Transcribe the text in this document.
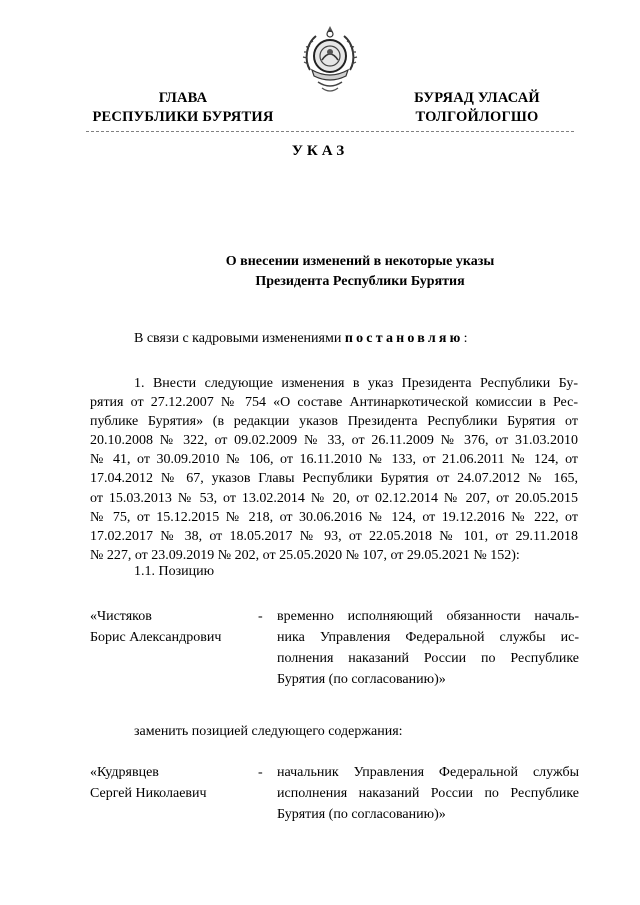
ГЛАВА
РЕСПУБЛИКИ БУРЯТИЯ
БУРЯАД УЛАСАЙ
ТОЛГОЙЛОГШО
УКАЗ
О внесении изменений в некоторые указы
Президента Республики Бурятия
В связи с кадровыми изменениями постановляю:
1. Внести следующие изменения в указ Президента Республики Бу-
рятия от 27.12.2007 № 754 «О составе Антинаркотической комиссии в Рес-
публике Бурятия» (в редакции указов Президента Республики Бурятия от
20.10.2008 № 322, от 09.02.2009 № 33, от 26.11.2009 № 376, от 31.03.2010
№ 41, от 30.09.2010 № 106, от 16.11.2010 № 133, от 21.06.2011 № 124, от
17.04.2012 № 67, указов Главы Республики Бурятия от 24.07.2012 № 165,
от 15.03.2013 № 53, от 13.02.2014 № 20, от 02.12.2014 № 207, от 20.05.2015
№ 75, от 15.12.2015 № 218, от 30.06.2016 № 124, от 19.12.2016 № 222, от
17.02.2017 № 38, от 18.05.2017 № 93, от 22.05.2018 № 101, от 29.11.2018
№ 227, от 23.09.2019 № 202, от 25.05.2020 № 107, от 29.05.2021 № 152):
1.1. Позицию
«Чистяков
Борис Александрович
-	временно исполняющий обязанности началь-
ника Управления Федеральной службы ис-
полнения наказаний России по Республике
Бурятия (по согласованию)»
заменить позицией следующего содержания:
«Кудрявцев
Сергей Николаевич
-	начальник Управления Федеральной службы
исполнения наказаний России по Республике
Бурятия (по согласованию)»
